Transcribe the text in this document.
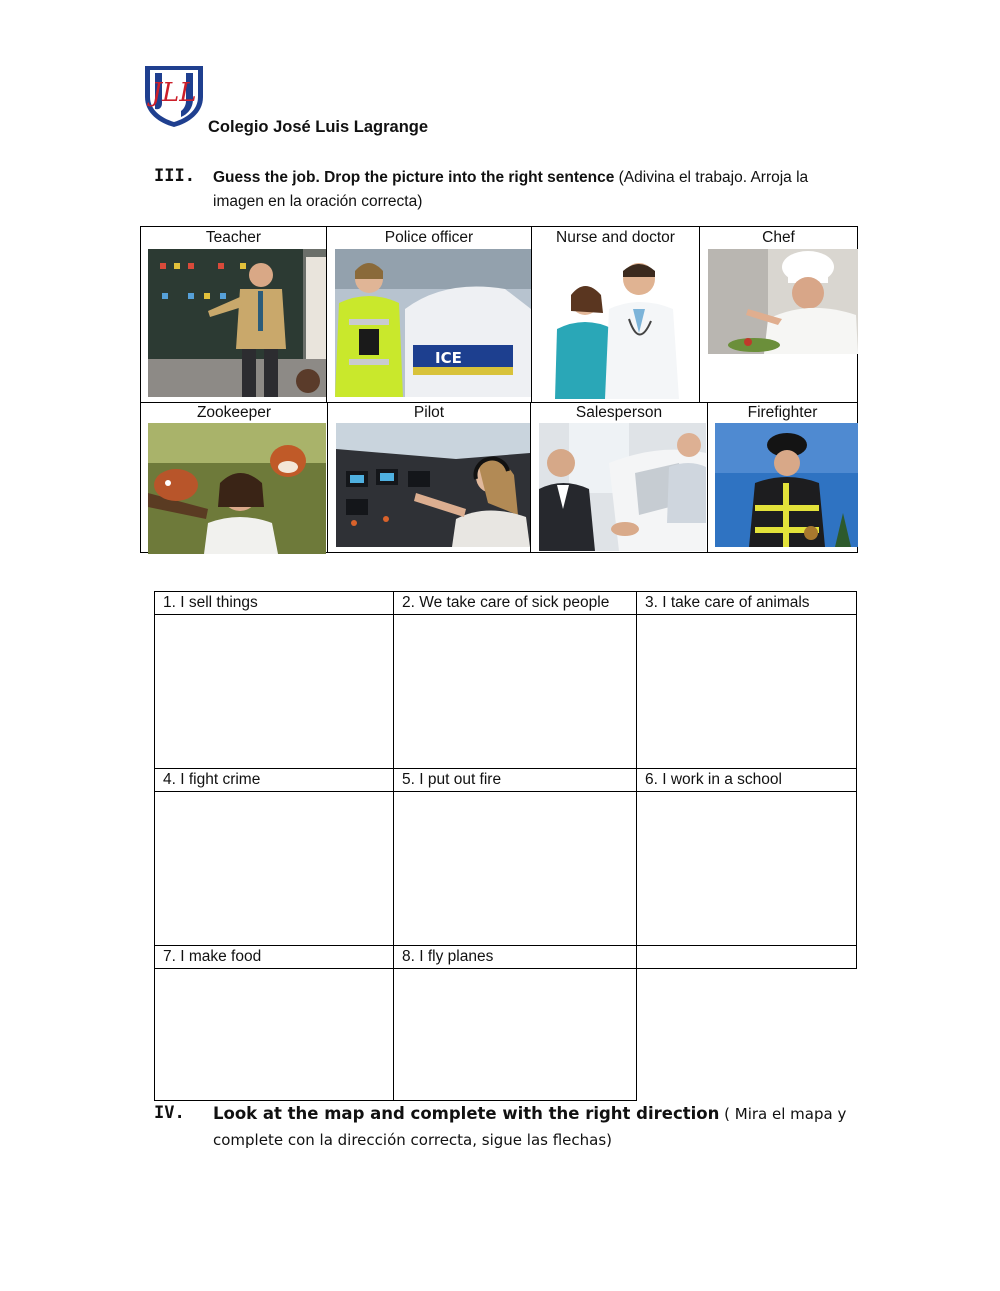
JLL
Colegio José Luis Lagrange
III. Guess the job. Drop the picture into the right sentence (Adivina el trabajo. Arroja la imagen en la oración correcta)
Teacher	Police officer	Nurse and doctor	Chef
Zookeeper	Pilot	Salesperson	Firefighter
ICE
1. I sell things	2. We take care of sick people	3. I take care of animals

4. I fight crime	5. I put out fire	6. I work in a school

7. I make food	8. I fly planes	

IV. Look at the map and complete with the right direction ( Mira el mapa y complete con la dirección correcta, sigue las flechas)
